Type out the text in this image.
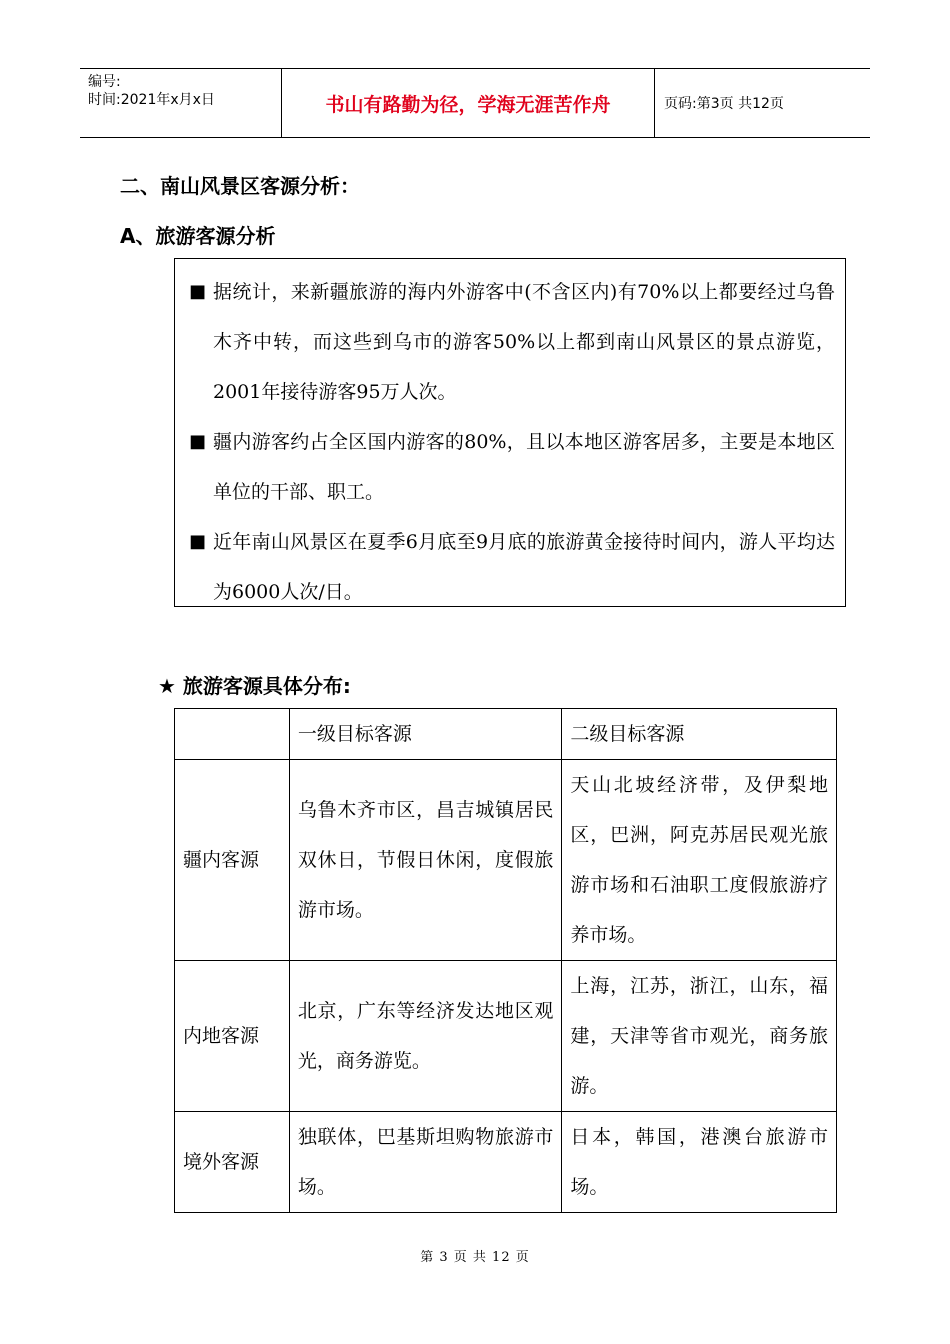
编号:
时间:2021年x月x日	书山有路勤为径，学海无涯苦作舟	页码:第3页 共12页
二、南山风景区客源分析：
A、旅游客源分析
■ 据统计，来新疆旅游的海内外游客中(不含区内)有70%以上都要经过乌鲁木齐中转，而这些到乌市的游客50%以上都到南山风景区的景点游览，2001年接待游客95万人次。
■ 疆内游客约占全区国内游客的80%，且以本地区游客居多，主要是本地区单位的干部、职工。
■ 近年南山风景区在夏季6月底至9月底的旅游黄金接待时间内，游人平均达为6000人次/日。
★ 旅游客源具体分布:
	一级目标客源	二级目标客源
疆内客源	乌鲁木齐市区，昌吉城镇居民双休日，节假日休闲，度假旅游市场。	天山北坡经济带，及伊梨地区，巴洲，阿克苏居民观光旅游市场和石油职工度假旅游疗养市场。
内地客源	北京，广东等经济发达地区观光，商务游览。	上海，江苏，浙江，山东，福建，天津等省市观光，商务旅游。
境外客源	独联体，巴基斯坦购物旅游市场。	日本，韩国，港澳台旅游市场。
第 3 页 共 12 页
